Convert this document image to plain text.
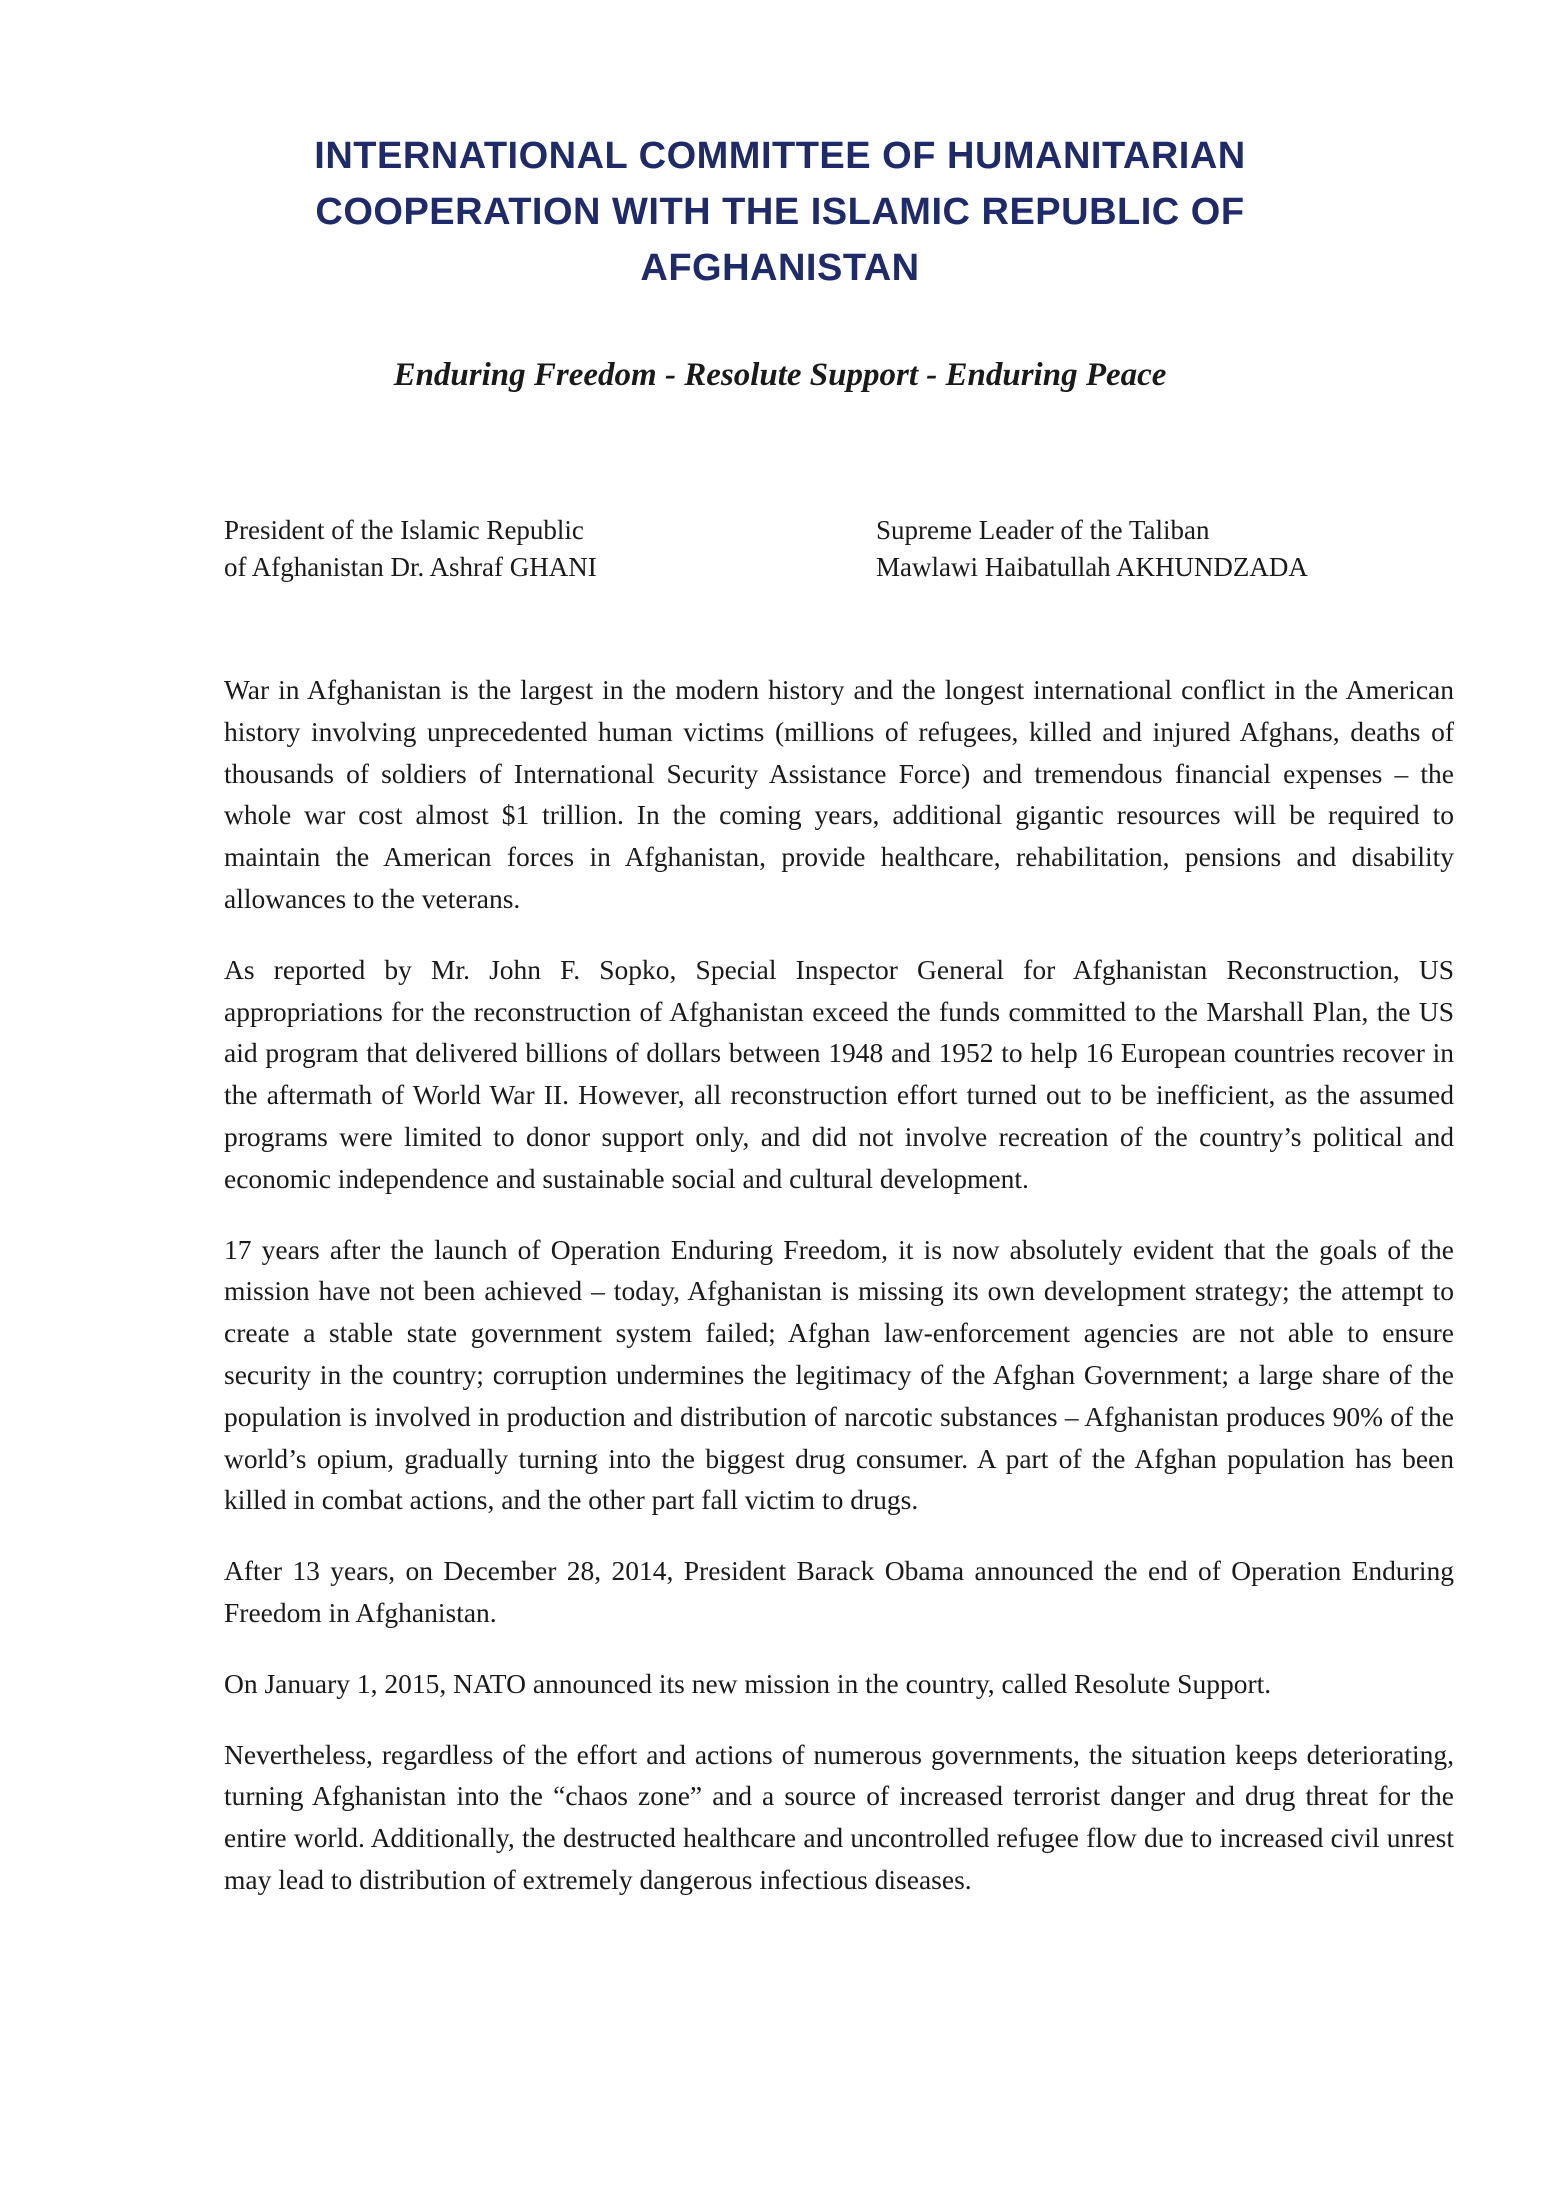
INTERNATIONAL COMMITTEE OF HUMANITARIAN
COOPERATION WITH THE ISLAMIC REPUBLIC OF
AFGHANISTAN
Enduring Freedom - Resolute Support - Enduring Peace
President of the Islamic Republic
of Afghanistan Dr. Ashraf GHANI
Supreme Leader of the Taliban
Mawlawi Haibatullah AKHUNDZADA

War in Afghanistan is the largest in the modern history and the longest international conflict in the American history involving unprecedented human victims (millions of refugees, killed and injured Afghans, deaths of thousands of soldiers of International Security Assistance Force) and tremendous financial expenses – the whole war cost almost $1 trillion. In the coming years, additional gigantic resources will be required to maintain the American forces in Afghanistan, provide healthcare, rehabilitation, pensions and disability allowances to the veterans.

As reported by Mr. John F. Sopko, Special Inspector General for Afghanistan Reconstruction, US appropriations for the reconstruction of Afghanistan exceed the funds committed to the Marshall Plan, the US aid program that delivered billions of dollars between 1948 and 1952 to help 16 European countries recover in the aftermath of World War II. However, all reconstruction effort turned out to be inefficient, as the assumed programs were limited to donor support only, and did not involve recreation of the country’s political and economic independence and sustainable social and cultural development.

17 years after the launch of Operation Enduring Freedom, it is now absolutely evident that the goals of the mission have not been achieved – today, Afghanistan is missing its own development strategy; the attempt to create a stable state government system failed; Afghan law-enforcement agencies are not able to ensure security in the country; corruption undermines the legitimacy of the Afghan Government; a large share of the population is involved in production and distribution of narcotic substances – Afghanistan produces 90% of the world’s opium, gradually turning into the biggest drug consumer. A part of the Afghan population has been killed in combat actions, and the other part fall victim to drugs.

After 13 years, on December 28, 2014, President Barack Obama announced the end of Operation Enduring Freedom in Afghanistan.

On January 1, 2015, NATO announced its new mission in the country, called Resolute Support.

Nevertheless, regardless of the effort and actions of numerous governments, the situation keeps deteriorating, turning Afghanistan into the “chaos zone” and a source of increased terrorist danger and drug threat for the entire world. Additionally, the destructed healthcare and uncontrolled refugee flow due to increased civil unrest may lead to distribution of extremely dangerous infectious diseases.
